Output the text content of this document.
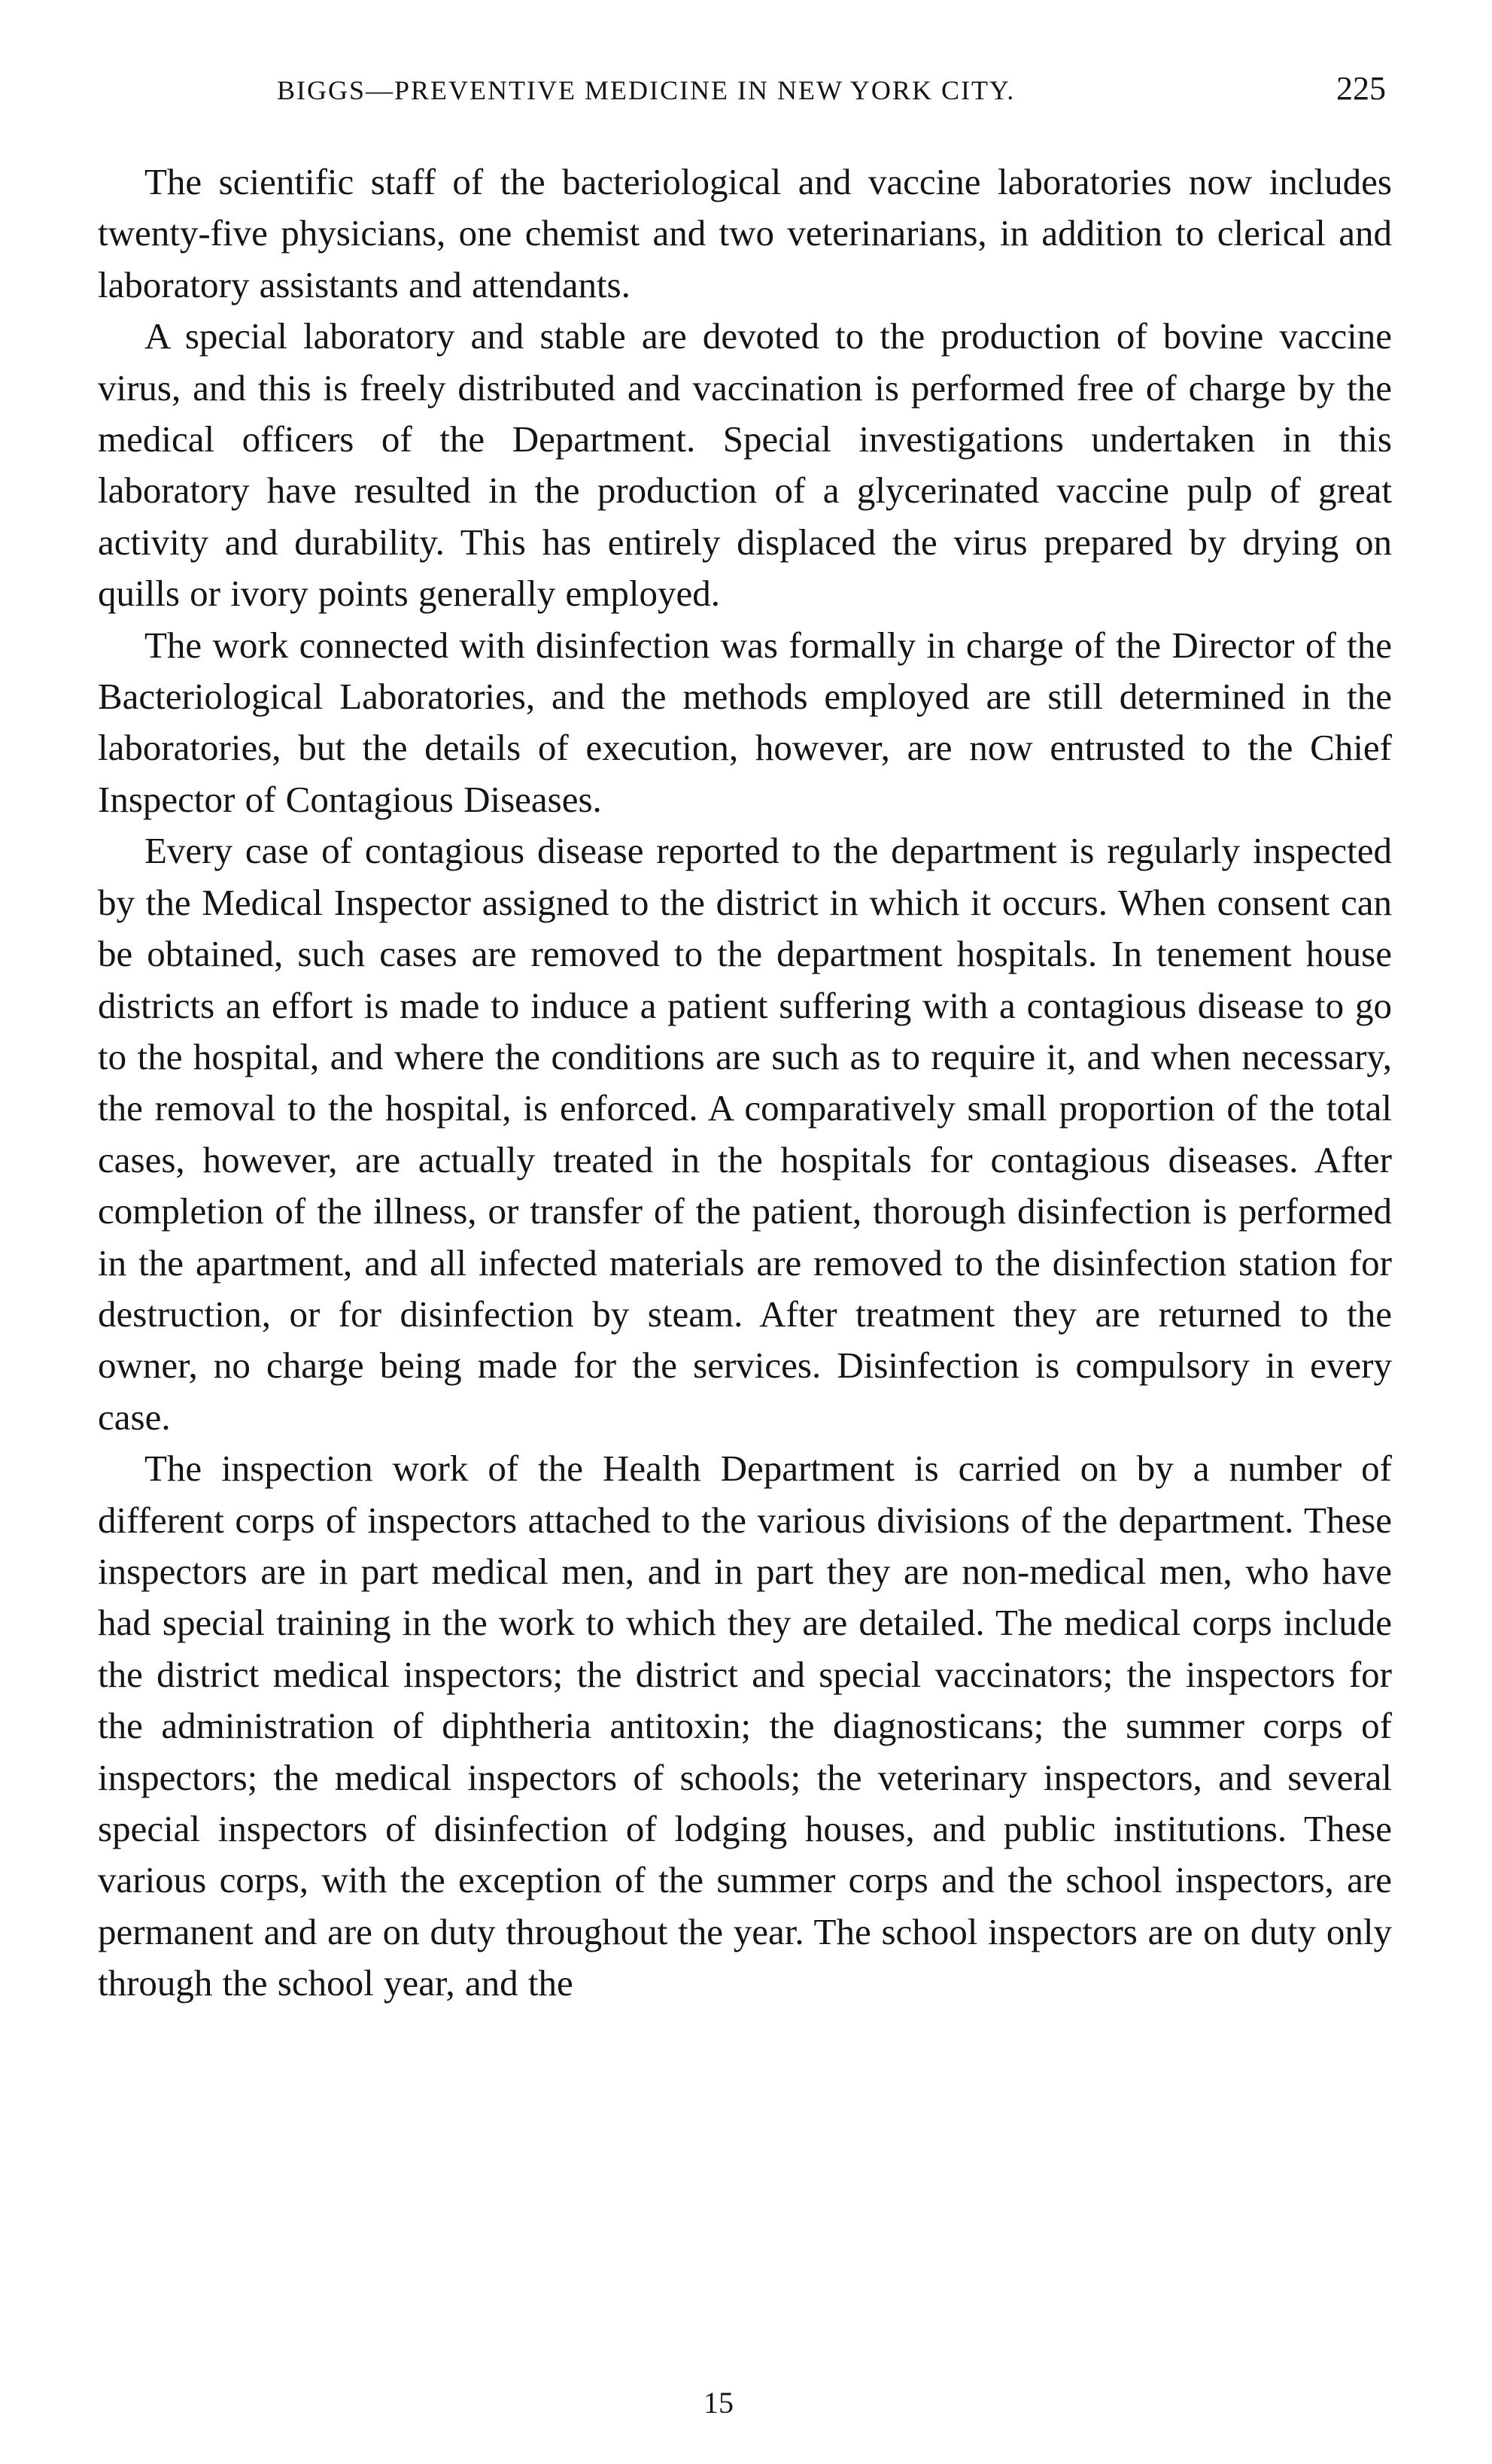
BIGGS—PREVENTIVE MEDICINE IN NEW YORK CITY.	225

The scientific staff of the bacteriological and vaccine laboratories now includes twenty-five physicians, one chemist and two veterinarians, in addition to clerical and laboratory assistants and attendants.

A special laboratory and stable are devoted to the production of bovine vaccine virus, and this is freely distributed and vaccination is performed free of charge by the medical officers of the Department. Special investigations undertaken in this laboratory have resulted in the production of a glycerinated vaccine pulp of great activity and durability. This has entirely displaced the virus prepared by drying on quills or ivory points generally employed.

The work connected with disinfection was formally in charge of the Director of the Bacteriological Laboratories, and the methods employed are still determined in the laboratories, but the details of execution, however, are now entrusted to the Chief Inspector of Contagious Diseases.

Every case of contagious disease reported to the department is regularly inspected by the Medical Inspector assigned to the district in which it occurs. When consent can be obtained, such cases are removed to the department hospitals. In tenement house districts an effort is made to induce a patient suffering with a contagious disease to go to the hospital, and where the conditions are such as to require it, and when necessary, the removal to the hospital, is enforced. A comparatively small proportion of the total cases, however, are actually treated in the hospitals for contagious diseases. After completion of the illness, or transfer of the patient, thorough disinfection is performed in the apartment, and all infected materials are removed to the disinfection station for destruction, or for disinfection by steam. After treatment they are returned to the owner, no charge being made for the services. Disinfection is compulsory in every case.

The inspection work of the Health Department is carried on by a number of different corps of inspectors attached to the various divisions of the department. These inspectors are in part medical men, and in part they are non-medical men, who have had special training in the work to which they are detailed. The medical corps include the district medical inspectors; the district and special vaccinators; the inspectors for the administration of diphtheria antitoxin; the diagnosticans; the summer corps of inspectors; the medical inspectors of schools; the veterinary inspectors, and several special inspectors of disinfection of lodging houses, and public institutions. These various corps, with the exception of the summer corps and the school inspectors, are permanent and are on duty throughout the year. The school inspectors are on duty only through the school year, and the

15
